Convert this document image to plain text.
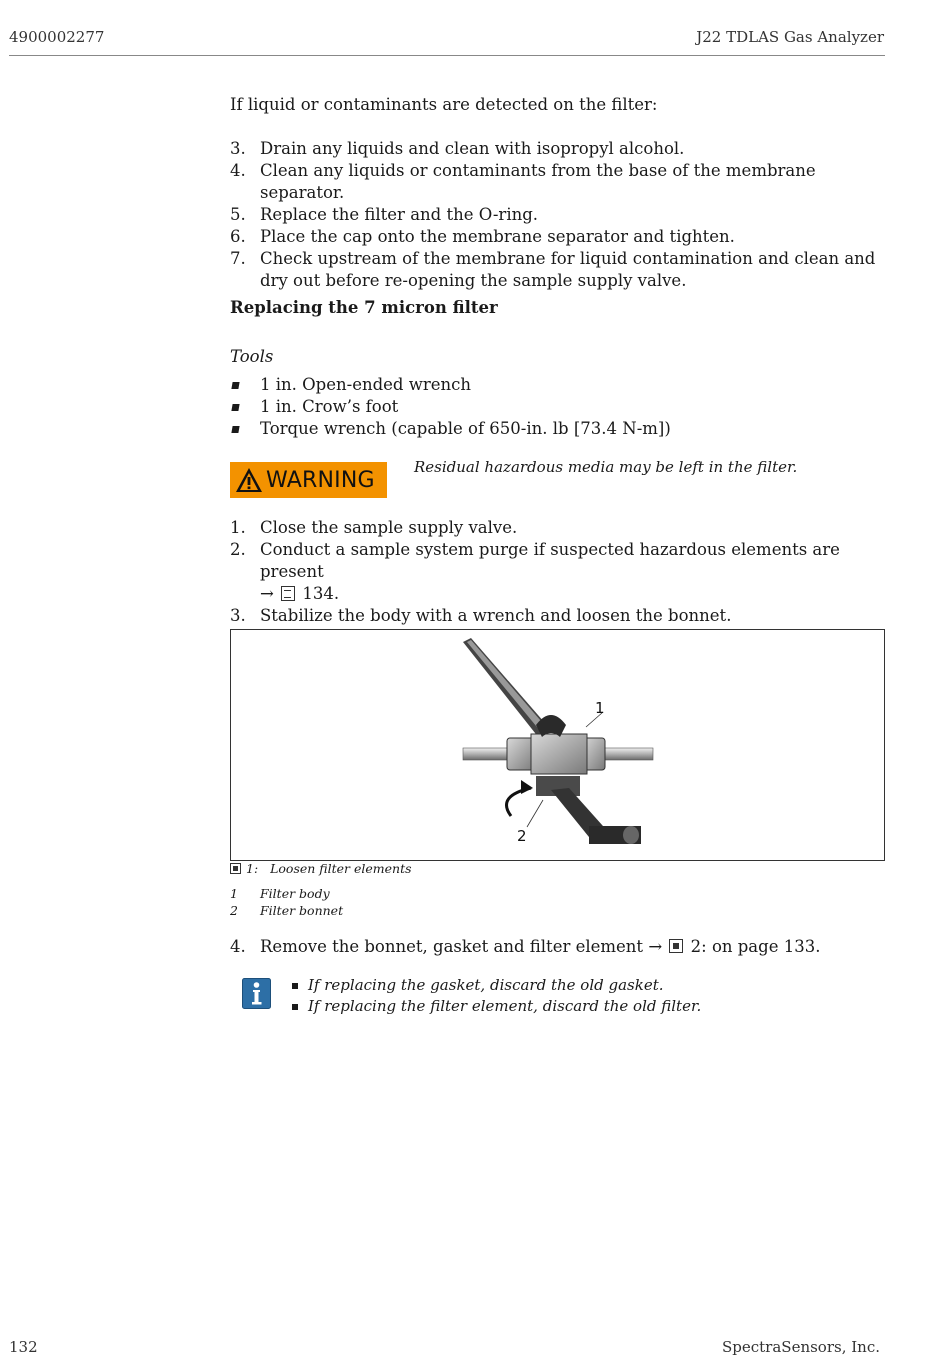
4900002277	J22 TDLAS Gas Analyzer
If liquid or contaminants are detected on the filter:
3. Drain any liquids and clean with isopropyl alcohol.
4. Clean any liquids or contaminants from the base of the membrane separator.
5. Replace the filter and the O-ring.
6. Place the cap onto the membrane separator and tighten.
7. Check upstream of the membrane for liquid contamination and clean and dry out before re-opening the sample supply valve.
Replacing the 7 micron filter
Tools
1 in. Open-ended wrench
1 in. Crow’s foot
Torque wrench (capable of 650-in. lb [73.4 N-m])
WARNING
Residual hazardous media may be left in the filter.
1. Close the sample supply valve.
2. Conduct a sample system purge if suspected hazardous elements are present
→ 134.
3. Stabilize the body with a wrench and loosen the bonnet.
1
2
1: Loosen filter elements
1 Filter body
2 Filter bonnet
4. Remove the bonnet, gasket and filter element → 2: on page 133.
If replacing the gasket, discard the old gasket.
If replacing the filter element, discard the old filter.
132	SpectraSensors, Inc.
